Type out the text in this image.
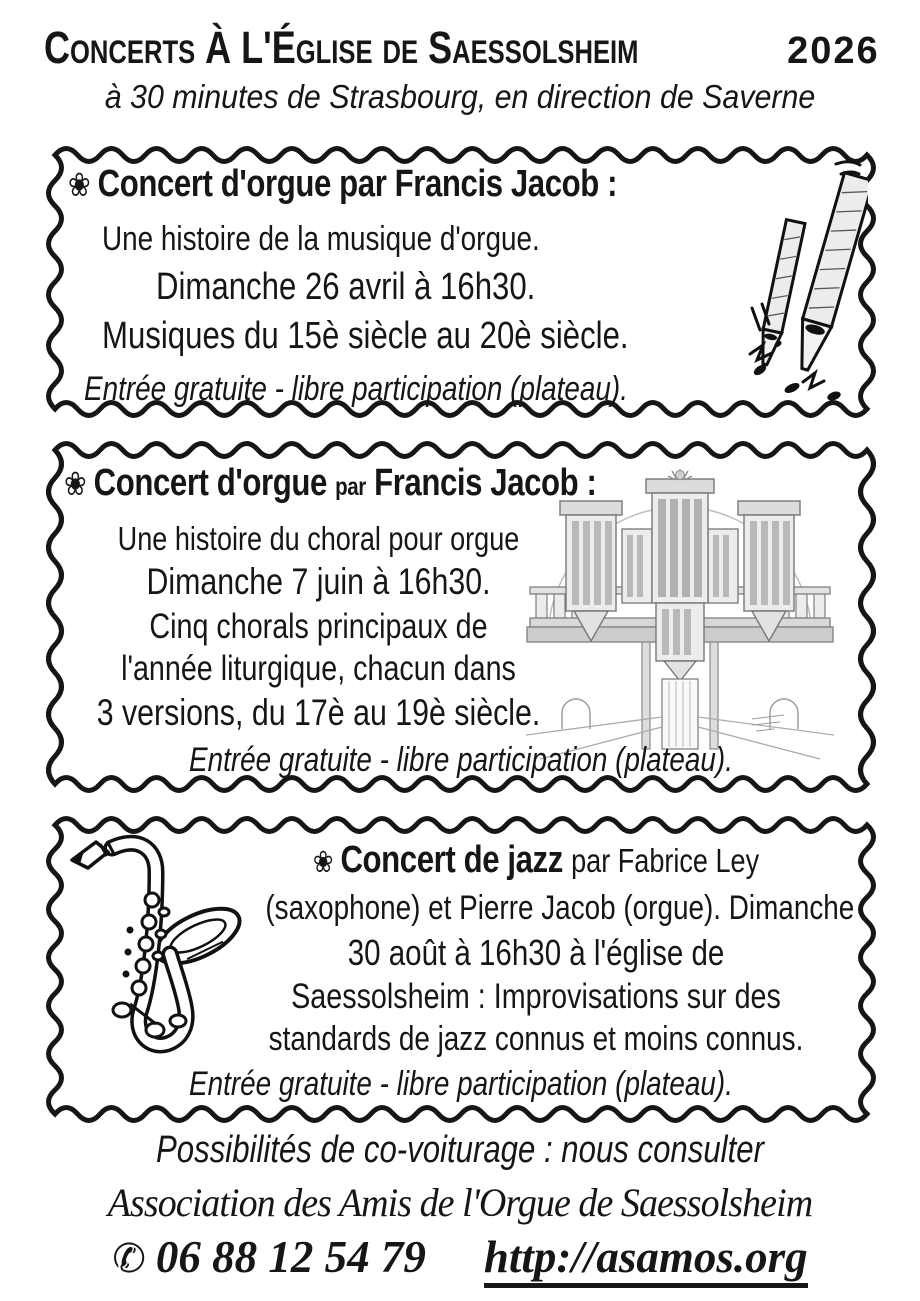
Concerts À L'Église de Saessolsheim	2026
à 30 minutes de Strasbourg, en direction de Saverne
❀ Concert d'orgue par Francis Jacob :
Une histoire de la musique d'orgue.
Dimanche 26 avril à 16h30.
Musiques du 15è siècle au 20è siècle.
Entrée gratuite - libre participation (plateau).
❀ Concert d'orgue par Francis Jacob :
Une histoire du choral pour orgue
Dimanche 7 juin à 16h30.
Cinq chorals principaux de
l'année liturgique, chacun dans
3 versions, du 17è au 19è siècle.
Entrée gratuite - libre participation (plateau).
❀ Concert de jazz par Fabrice Ley
(saxophone) et Pierre Jacob (orgue). Dimanche
30 août à 16h30 à l'église de
Saessolsheim : Improvisations sur des
standards de jazz connus et moins connus.
Entrée gratuite - libre participation (plateau).
Possibilités de co-voiturage : nous consulter
Association des Amis de l'Orgue de Saessolsheim
✆ 06 88 12 54 79 http://asamos.org
